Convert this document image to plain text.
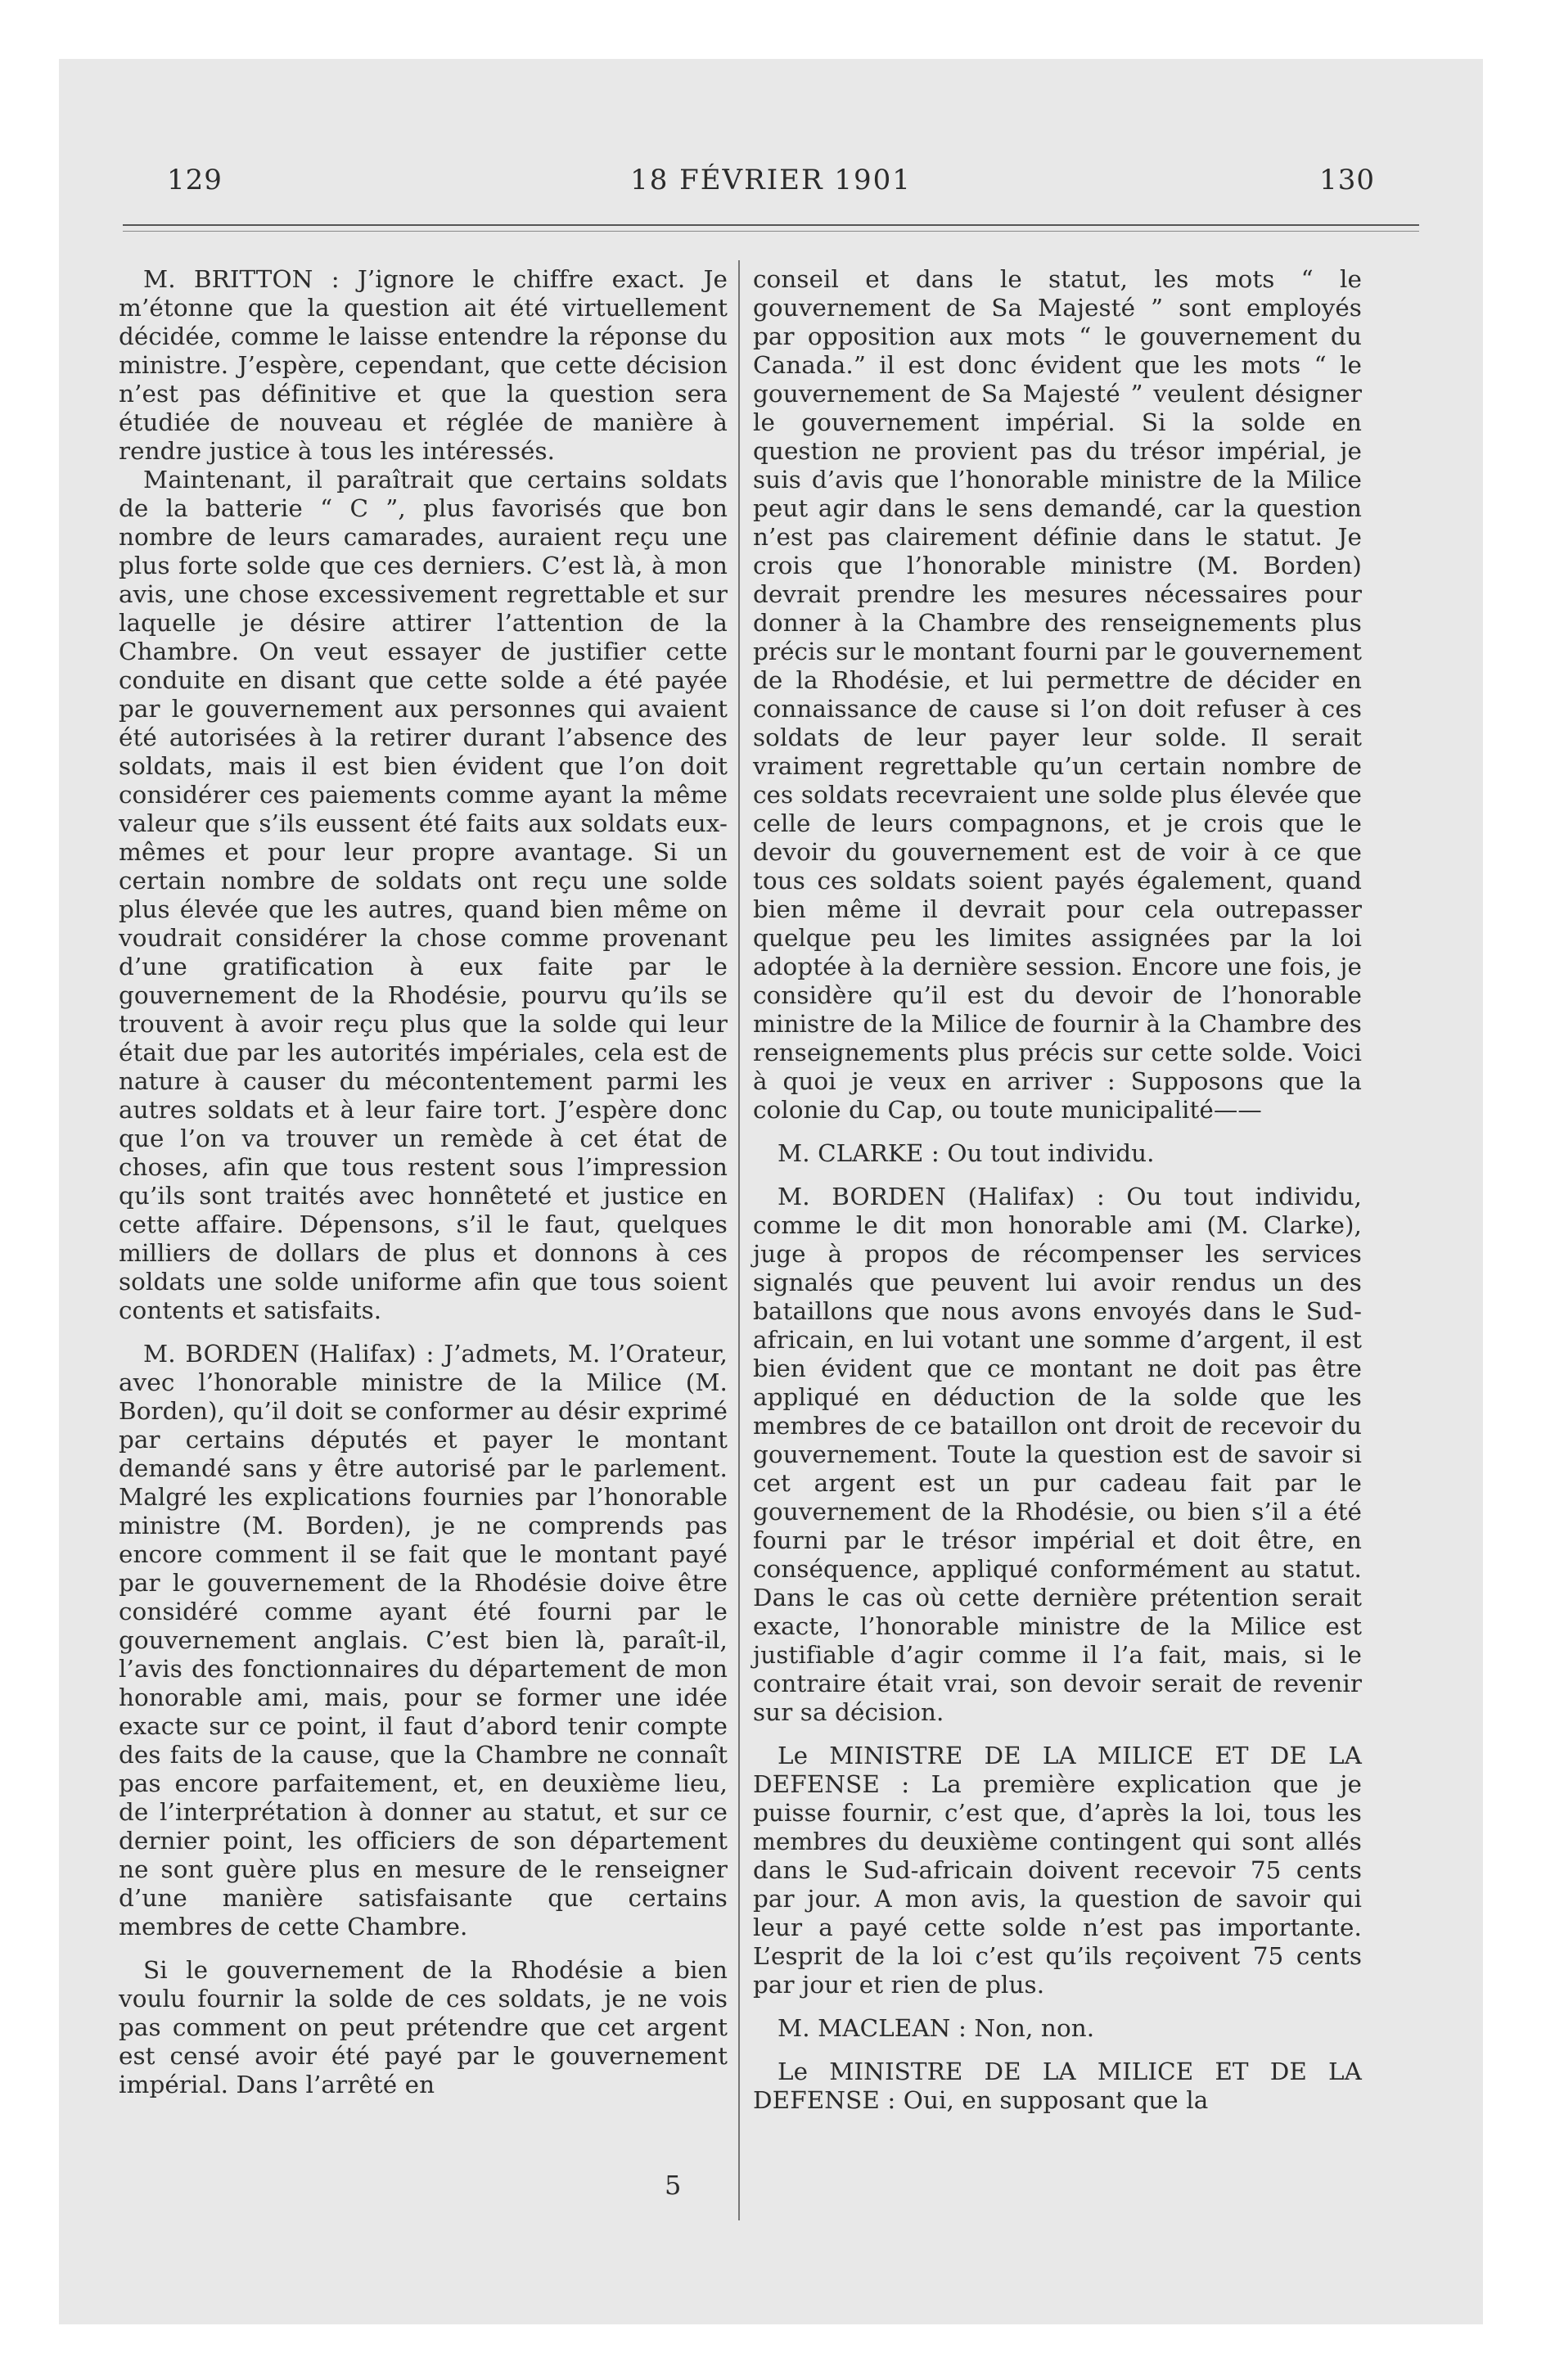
129	18 FÉVRIER 1901	130

M. BRITTON : J’ignore le chiffre exact. Je m’étonne que la question ait été virtuellement décidée, comme le laisse entendre la réponse du ministre. J’espère, cependant, que cette décision n’est pas définitive et que la question sera étudiée de nouveau et réglée de manière à rendre justice à tous les intéressés.

Maintenant, il paraîtrait que certains soldats de la batterie “ C ”, plus favorisés que bon nombre de leurs camarades, auraient reçu une plus forte solde que ces derniers. C’est là, à mon avis, une chose excessivement regrettable et sur laquelle je désire attirer l’attention de la Chambre. On veut essayer de justifier cette conduite en disant que cette solde a été payée par le gouvernement aux personnes qui avaient été autorisées à la retirer durant l’absence des soldats, mais il est bien évident que l’on doit considérer ces paiements comme ayant la même valeur que s’ils eussent été faits aux soldats eux-mêmes et pour leur propre avantage. Si un certain nombre de soldats ont reçu une solde plus élevée que les autres, quand bien même on voudrait considérer la chose comme provenant d’une gratification à eux faite par le gouvernement de la Rhodésie, pourvu qu’ils se trouvent à avoir reçu plus que la solde qui leur était due par les autorités impériales, cela est de nature à causer du mécontentement parmi les autres soldats et à leur faire tort. J’espère donc que l’on va trouver un remède à cet état de choses, afin que tous restent sous l’impression qu’ils sont traités avec honnêteté et justice en cette affaire. Dépensons, s’il le faut, quelques milliers de dollars de plus et donnons à ces soldats une solde uniforme afin que tous soient contents et satisfaits.

M. BORDEN (Halifax) : J’admets, M. l’Orateur, avec l’honorable ministre de la Milice (M. Borden), qu’il doit se conformer au désir exprimé par certains députés et payer le montant demandé sans y être autorisé par le parlement. Malgré les explications fournies par l’honorable ministre (M. Borden), je ne comprends pas encore comment il se fait que le montant payé par le gouvernement de la Rhodésie doive être considéré comme ayant été fourni par le gouvernement anglais. C’est bien là, paraît-il, l’avis des fonctionnaires du département de mon honorable ami, mais, pour se former une idée exacte sur ce point, il faut d’abord tenir compte des faits de la cause, que la Chambre ne connaît pas encore parfaitement, et, en deuxième lieu, de l’interprétation à donner au statut, et sur ce dernier point, les officiers de son département ne sont guère plus en mesure de le renseigner d’une manière satisfaisante que certains membres de cette Chambre.

Si le gouvernement de la Rhodésie a bien voulu fournir la solde de ces soldats, je ne vois pas comment on peut prétendre que cet argent est censé avoir été payé par le gouvernement impérial. Dans l’arrêté en

conseil et dans le statut, les mots “ le gouvernement de Sa Majesté ” sont employés par opposition aux mots “ le gouvernement du Canada.” il est donc évident que les mots “ le gouvernement de Sa Majesté ” veulent désigner le gouvernement impérial. Si la solde en question ne provient pas du trésor impérial, je suis d’avis que l’honorable ministre de la Milice peut agir dans le sens demandé, car la question n’est pas clairement définie dans le statut. Je crois que l’honorable ministre (M. Borden) devrait prendre les mesures nécessaires pour donner à la Chambre des renseignements plus précis sur le montant fourni par le gouvernement de la Rhodésie, et lui permettre de décider en connaissance de cause si l’on doit refuser à ces soldats de leur payer leur solde. Il serait vraiment regrettable qu’un certain nombre de ces soldats recevraient une solde plus élevée que celle de leurs compagnons, et je crois que le devoir du gouvernement est de voir à ce que tous ces soldats soient payés également, quand bien même il devrait pour cela outrepasser quelque peu les limites assignées par la loi adoptée à la dernière session. Encore une fois, je considère qu’il est du devoir de l’honorable ministre de la Milice de fournir à la Chambre des renseignements plus précis sur cette solde. Voici à quoi je veux en arriver : Supposons que la colonie du Cap, ou toute municipalité——

M. CLARKE : Ou tout individu.

M. BORDEN (Halifax) : Ou tout individu, comme le dit mon honorable ami (M. Clarke), juge à propos de récompenser les services signalés que peuvent lui avoir rendus un des bataillons que nous avons envoyés dans le Sud-africain, en lui votant une somme d’argent, il est bien évident que ce montant ne doit pas être appliqué en déduction de la solde que les membres de ce bataillon ont droit de recevoir du gouvernement. Toute la question est de savoir si cet argent est un pur cadeau fait par le gouvernement de la Rhodésie, ou bien s’il a été fourni par le trésor impérial et doit être, en conséquence, appliqué conformément au statut. Dans le cas où cette dernière prétention serait exacte, l’honorable ministre de la Milice est justifiable d’agir comme il l’a fait, mais, si le contraire était vrai, son devoir serait de revenir sur sa décision.

Le MINISTRE DE LA MILICE ET DE LA DEFENSE : La première explication que je puisse fournir, c’est que, d’après la loi, tous les membres du deuxième contingent qui sont allés dans le Sud-africain doivent recevoir 75 cents par jour. A mon avis, la question de savoir qui leur a payé cette solde n’est pas importante. L’esprit de la loi c’est qu’ils reçoivent 75 cents par jour et rien de plus.

M. MACLEAN : Non, non.

Le MINISTRE DE LA MILICE ET DE LA DEFENSE : Oui, en supposant que la

5
